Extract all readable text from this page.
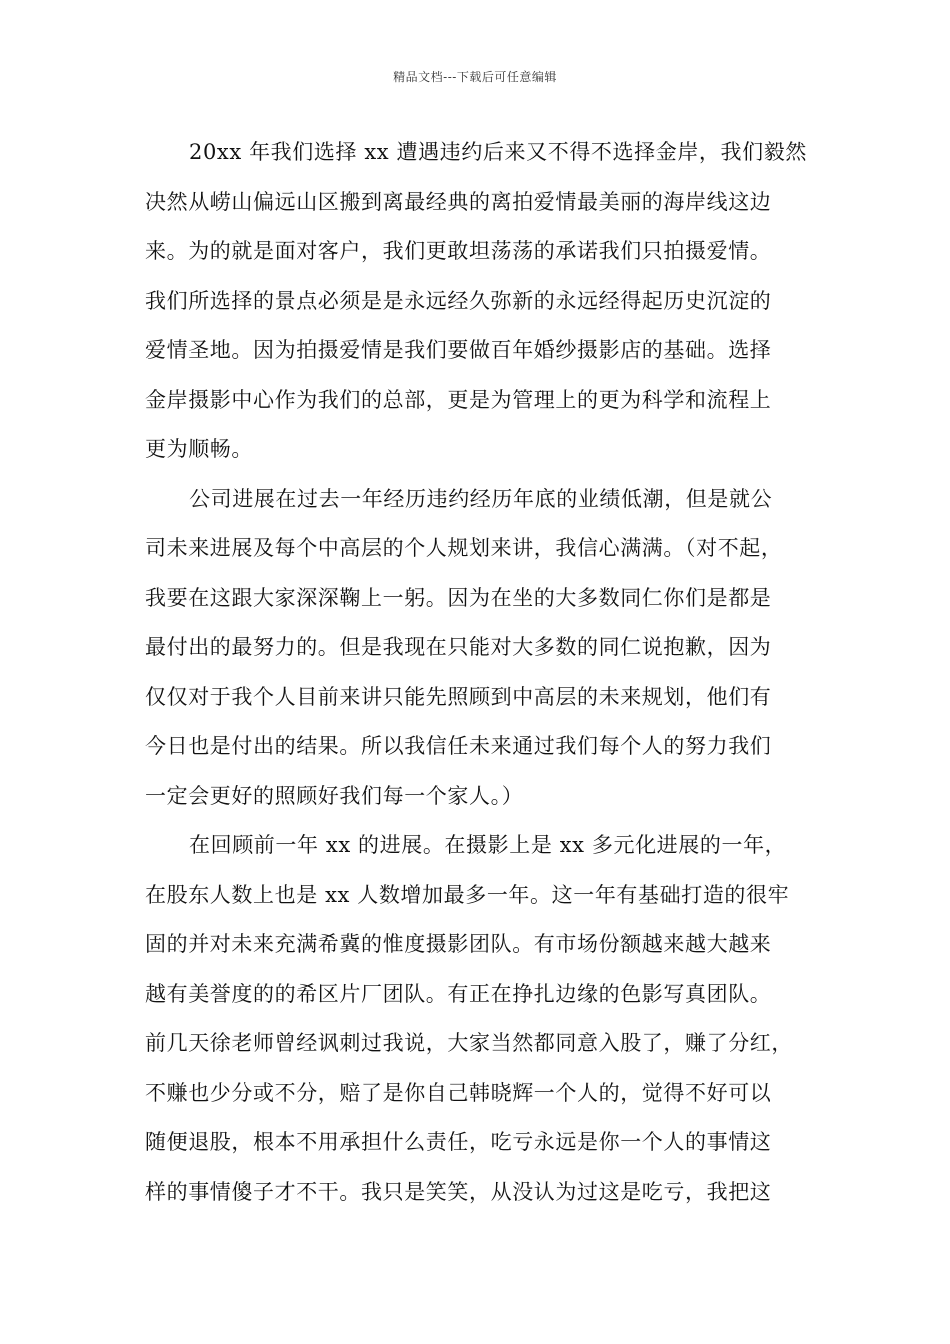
精品文档---下载后可任意编辑
20xx 年我们选择 xx 遭遇违约后来又不得不选择金岸，我们毅然
决然从崂山偏远山区搬到离最经典的离拍爱情最美丽的海岸线这边
来。为的就是面对客户，我们更敢坦荡荡的承诺我们只拍摄爱情。
我们所选择的景点必须是是永远经久弥新的永远经得起历史沉淀的
爱情圣地。因为拍摄爱情是我们要做百年婚纱摄影店的基础。选择
金岸摄影中心作为我们的总部，更是为管理上的更为科学和流程上
更为顺畅。
公司进展在过去一年经历违约经历年底的业绩低潮，但是就公
司未来进展及每个中高层的个人规划来讲，我信心满满。（对不起，
我要在这跟大家深深鞠上一躬。因为在坐的大多数同仁你们是都是
最付出的最努力的。但是我现在只能对大多数的同仁说抱歉，因为
仅仅对于我个人目前来讲只能先照顾到中高层的未来规划，他们有
今日也是付出的结果。所以我信任未来通过我们每个人的努力我们
一定会更好的照顾好我们每一个家人。）
在回顾前一年 xx 的进展。在摄影上是 xx 多元化进展的一年，
在股东人数上也是 xx 人数增加最多一年。这一年有基础打造的很牢
固的并对未来充满希冀的惟度摄影团队。有市场份额越来越大越来
越有美誉度的的希区片厂团队。有正在挣扎边缘的色影写真团队。
前几天徐老师曾经讽刺过我说，大家当然都同意入股了，赚了分红，
不赚也少分或不分，赔了是你自己韩晓辉一个人的，觉得不好可以
随便退股，根本不用承担什么责任，吃亏永远是你一个人的事情这
样的事情傻子才不干。我只是笑笑，从没认为过这是吃亏，我把这
